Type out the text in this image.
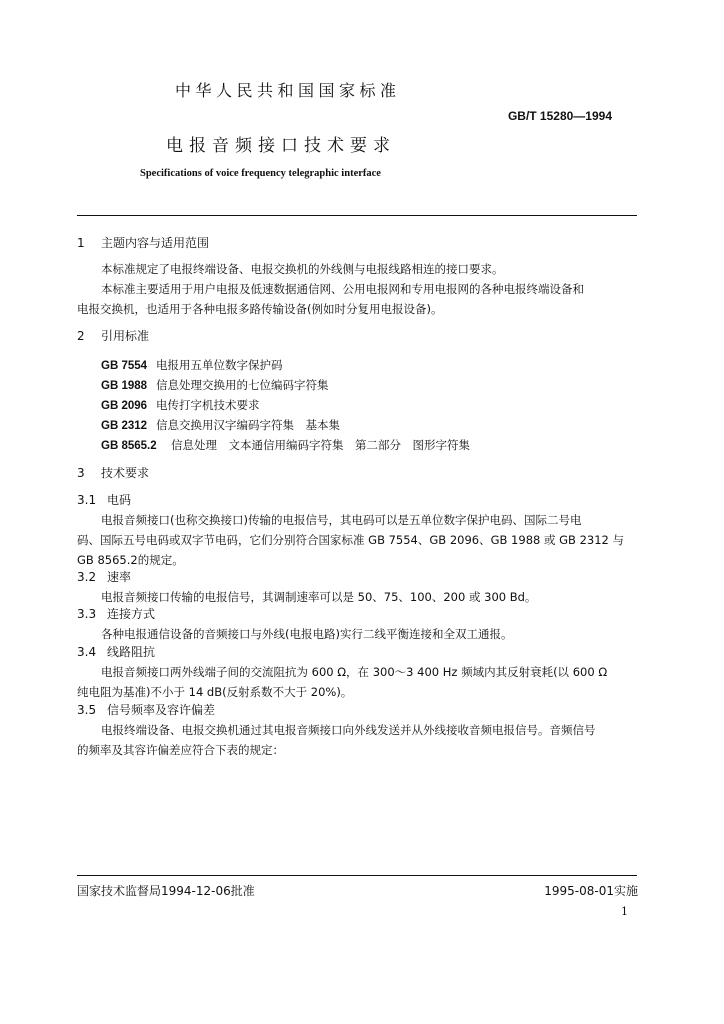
中华人民共和国国家标准
GB/T 15280—1994
电报音频接口技术要求
Specifications of voice frequency telegraphic interface
1 主题内容与适用范围
本标准规定了电报终端设备、电报交换机的外线侧与电报线路相连的接口要求。
本标准主要适用于用户电报及低速数据通信网、公用电报网和专用电报网的各种电报终端设备和
电报交换机，也适用于各种电报多路传输设备(例如时分复用电报设备)。
2 引用标准
GB 7554 电报用五单位数字保护码
GB 1988 信息处理交换用的七位编码字符集
GB 2096 电传打字机技术要求
GB 2312 信息交换用汉字编码字符集　基本集
GB 8565.2 信息处理　文本通信用编码字符集　第二部分　图形字符集
3 技术要求
3.1 电码
电报音频接口(也称交换接口)传输的电报信号，其电码可以是五单位数字保护电码、国际二号电
码、国际五号电码或双字节电码，它们分别符合国家标准 GB 7554、GB 2096、GB 1988 或 GB 2312 与
GB 8565.2的规定。
3.2 速率
电报音频接口传输的电报信号，其调制速率可以是 50、75、100、200 或 300 Bd。
3.3 连接方式
各种电报通信设备的音频接口与外线(电报电路)实行二线平衡连接和全双工通报。
3.4 线路阻抗
电报音频接口两外线端子间的交流阻抗为 600 Ω，在 300～3 400 Hz 频域内其反射衰耗(以 600 Ω
纯电阻为基准)不小于 14 dB(反射系数不大于 20%)。
3.5 信号频率及容许偏差
电报终端设备、电报交换机通过其电报音频接口向外线发送并从外线接收音频电报信号。音频信号
的频率及其容许偏差应符合下表的规定：
国家技术监督局1994-12-06批准	1995-08-01实施
1
